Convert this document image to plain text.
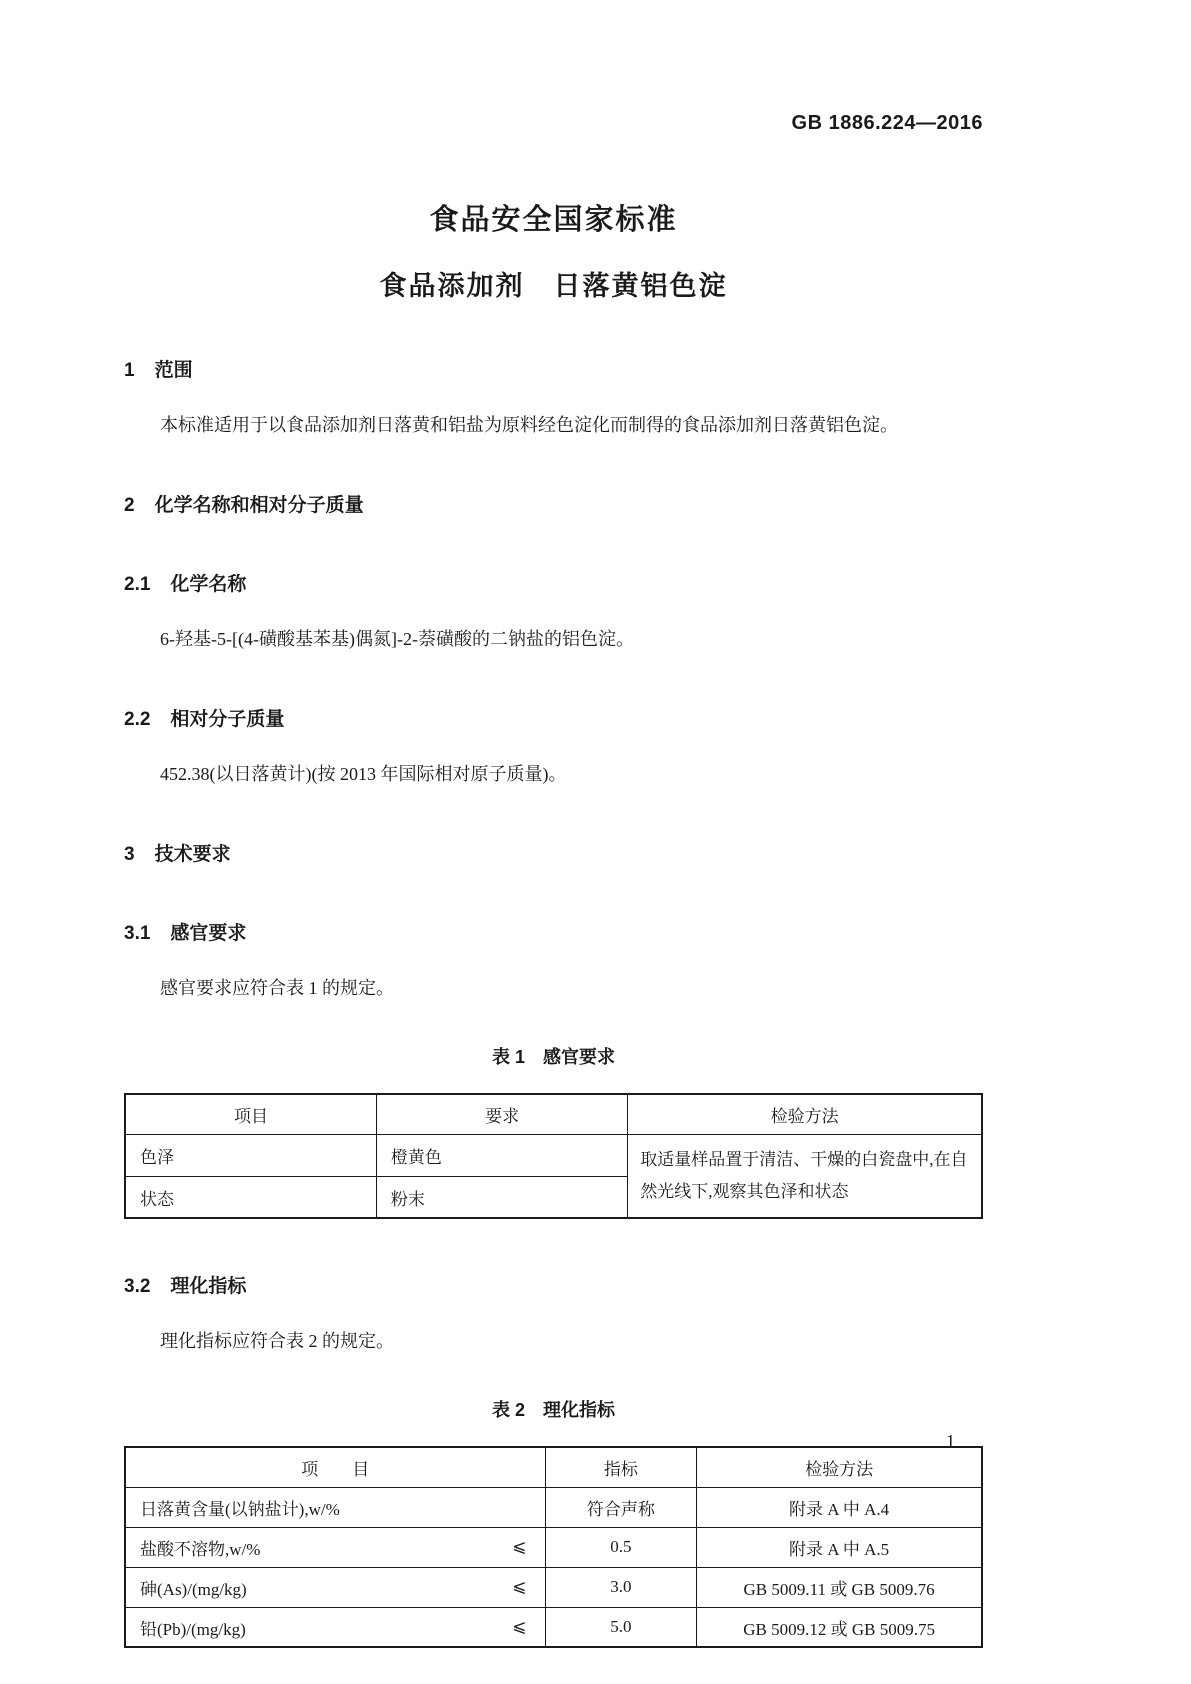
GB 1886.224—2016
食品安全国家标准
食品添加剂　日落黄铝色淀
1 范围
本标准适用于以食品添加剂日落黄和铝盐为原料经色淀化而制得的食品添加剂日落黄铝色淀。
2 化学名称和相对分子质量
2.1 化学名称
6-羟基-5-[(4-磺酸基苯基)偶氮]-2-萘磺酸的二钠盐的铝色淀。
2.2 相对分子质量
452.38(以日落黄计)(按 2013 年国际相对原子质量)。
3 技术要求
3.1 感官要求
感官要求应符合表 1 的规定。
表 1 感官要求
项目	要求	检验方法
色泽	橙黄色	取适量样品置于清洁、干燥的白瓷盘中,在自然光线下,观察其色泽和状态
状态	粉末	
3.2 理化指标
理化指标应符合表 2 的规定。
表 2 理化指标
项　　目	指标	检验方法

日落黄含量(以钠盐计),w/%	符合声称	附录 A 中 A.4

盐酸不溶物,w/% ⩽	0.5	附录 A 中 A.5

砷(As)/(mg/kg) ⩽	3.0	GB 5009.11 或 GB 5009.76

铅(Pb)/(mg/kg) ⩽	5.0	GB 5009.12 或 GB 5009.75
1
